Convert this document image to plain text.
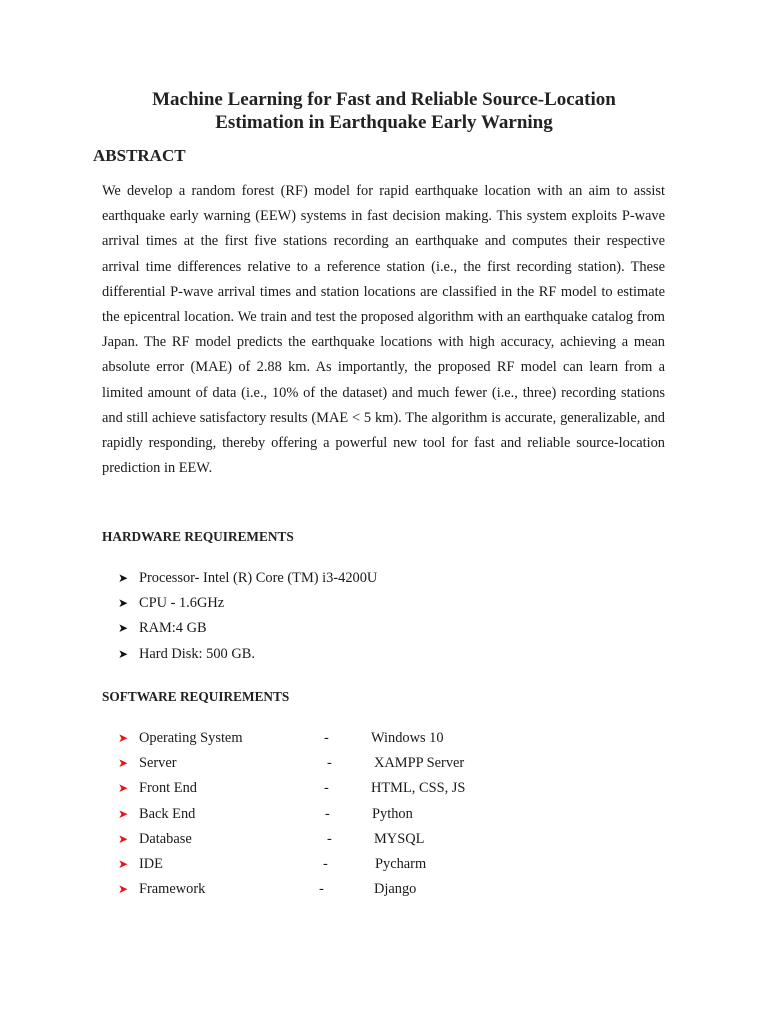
Machine Learning for Fast and Reliable Source-Location
Estimation in Earthquake Early Warning
ABSTRACT
We develop a random forest (RF) model for rapid earthquake location with an aim to assist earthquake early warning (EEW) systems in fast decision making. This system exploits P-wave arrival times at the first five stations recording an earthquake and computes their respective arrival time differences relative to a reference station (i.e., the first recording station). These differential P-wave arrival times and station locations are classified in the RF model to estimate the epicentral location. We train and test the proposed algorithm with an earthquake catalog from Japan. The RF model predicts the earthquake locations with high accuracy, achieving a mean absolute error (MAE) of 2.88 km. As importantly, the proposed RF model can learn from a limited amount of data (i.e., 10% of the dataset) and much fewer (i.e., three) recording stations and still achieve satisfactory results (MAE < 5 km). The algorithm is accurate, generalizable, and rapidly responding, thereby offering a powerful new tool for fast and reliable source-location prediction in EEW.
HARDWARE REQUIREMENTS
➤ Processor- Intel (R) Core (TM) i3-4200U
➤ CPU - 1.6GHz
➤ RAM:4 GB
➤ Hard Disk: 500 GB.
SOFTWARE REQUIREMENTS
➤ Operating System	-	Windows 10
➤ Server	-	XAMPP Server
➤ Front End	-	HTML, CSS, JS
➤ Back End	-	Python
➤ Database	-	MYSQL
➤ IDE	-	Pycharm
➤ Framework	-	Django
